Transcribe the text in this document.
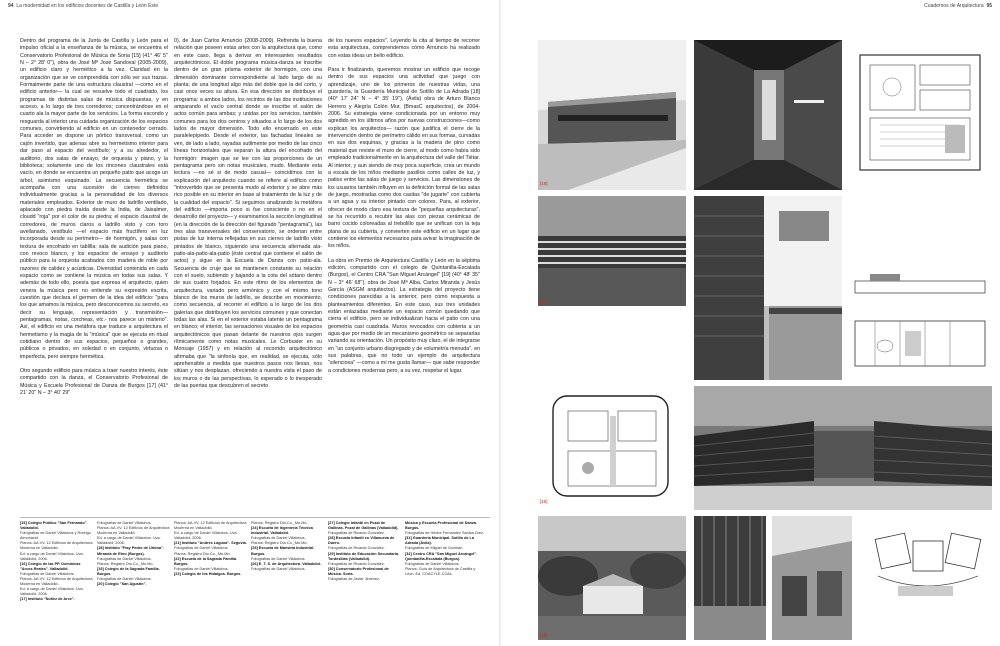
94 La modernidad en los edificios docentes de Castilla y León Este

Dentro del programa de la Junta de Castilla y León para el impulso oficial a la enseñanza de la música, se encuentra el Conservatorio Profesional de Música de Soria [15] (41° 46' 5'' N – 2° 28' 0''), obra de José Mª José Sandoval (2005-2009), un edificio claro y hermético a la vez. Claridad en la organización que se ve comprendida con sólo ver sus trazas. Formalmente parte de una estructura claustral —como en el edificio anterior— la cual se resuelve todo el cuadrado, los programas de distintas salas de música dispuestas, y en acceso, a lo largo de tres corredores; concentrándose en el cuarto ala la mayor parte de los servicios. La forma escondo y resguarda al interior una cuidada organización de los espacios comunes, convirtiendo al edificio en un contenedor cerrado. Para acceder se dispone un pórtico transversal, como un cajón invertido, que adenas abre su hermetismo interior para dar paso al espacio del vestíbulo; y a su alrededor, el auditorio, dos salas de ensayo, de orquesta y piano, y la biblioteca; solamente uno de los rincones claustrales está vacío, en donde se encuentra un pequeño patio que acoge un árbol, asimismo esquinado. La secuencia hermética se acompaña con una sucesión de cierres definidos individualmente gracias a la personalidad de los diversos materiales empleados. Exterior de muro de ladrillo ventilado, aplacado con piedra traída desde la India, de Jaisalmer, cloudd "roja" por el color de su piedra; el espacio claustral de corredores, de muros claros a ladrillo visto y con toro avellanado, vestíbulo —el espacio más fructífero en luz incorporada desde su perímetro— de hormigón, y salas con textura de encofrado en tablilla; sala de audición para piano, con revoco blanco, y los espacios de ensayo y auditorio público para la orquesta acabados con madera de roble por razones de calidez y acústicas. Diversidad contenida en cada espacio como se contiene la música en todas sus salas. Y además de todo ello, poesía que expresa el arquitecto, quien venera la música pero no entiende su expresión escrita, cuestión que declara el germen de la idea del edificio: "para los que amamos la música, pero desconocemos su secreto, es decir su lenguaje, representación y transmisión—pentagramas, notas, corcheas, etc.- nos parece un misterio". Así, el edificio es una metáfora que traduce a arquitectura el hermetismo y la magia de la "música" que se ejecuta en ritual cotidiano dentro de sus espacios, pequeños o grandes, públicos o privados, en soledad o en conjunto, virtuosa o imperfecta, pero siempre hermética.

Otro segundo edificio para música a traer nuestro interés, éste compartido con la danza, el Conservatorio Profesional de Música y Escuela Profesional de Danza de Burgos [17] (41° 21' 20'' N – 3° 40' 29''

0), de Juan Carlos Arnuncio (2008-2009). Refrenda la buena relación que poseen estas artes con la arquitectura que, como en este caso, llega a derivar en interesantes resultados arquitectónicos. El doble programa música-danza se inscribe dentro de un gran prisma exterior de hormigón, con una dimensión dominante correspondiente al lado largo de su planta; de una longitud algo más del doble que la del corto, y casi once veces su altura. En esa dirección se distribuye el programa: a ambos lados, los recintos de las dos instituciones amparando el vacío central donde se inscribe el salón de actos común para ambas; y unidas por los servicios, también comunes para los dos centros y situados a lo largo de los dos lados de mayor dimensión. Todo ello encerrado en este paralelepípedo. Desde el exterior, las fachadas lineales se ven, de lado a lado, rayadas sutilmente por medio de las cinco líneas horizontales que separan la altura del encofrado del hormigón: imagen que se lee con las proporciones de un pentagrama pero sin notas musicales, mudo. Mediante esta lectura —no sé si de modo casual— coincidimos con la explicación del arquitecto cuando se refiere al edificio como "introvertido que se presenta mudo al exterior y se abre más rico posible en su interior en base al tratamiento de la luz y de la cualidad del espacio". Si seguimos analizando la metáfora del edificio —importa poco si fue consciente o no en el desarrollo del proyecto— y examinamos la sección longitudinal (en la dirección de la dirección del figurado "pentagrama"), las tres alas transversales del conservatorio, se ordenan entre pistas de luz interna reflejadas en sus cierres de ladrillo visto pintados de blanco, siguiendo una secuencia alternada ala-patio-ala-patio-ala-patio (éste central que contiene el salón de actos) y sigue en la Escuela de Danza con patio-ala. Secuencia de cruje que se mantienen constante su relación con el suelo, subiendo y bajando a la cota del sótano dentro de sus cuatro forjados. En este ritmo de los elementos de arquitectura, variado pero armónico y con el mismo tono blanco de los muros de ladrillo, se describe en movimiento, como secuencia, al recorrer el edificio a lo largo de los dos galerías que distribuyen los servicios comunes y que conectan todas las alas. Si en el exterior estaba latente un pentagrama en blanco; el interior, las sensaciones visuales de los espacios arquitectónicos que pasan delante de nuestros ojos surgen rítmicamente como notas musicales. Le Corbusier en su Monsaje (1957) y en relación al recorrido arquitectónico afirmaba que "la sinfonía que, en realidad, se ejecuta, sólo aprehensible a medida que nuestros pasos nos llevan, nos sitúan y nos desplazan, ofreciendo a nuestra vista el paso de los muros o de las perspectivas, lo esperado o lo inesperado de las puertas que descubren el secreto

de los nuevos espacios". Leyendo la cita al tiempo de recorrer esta arquitectura, comprendemos cómo Arnuncio ha realizado con estas ideas un bello edificio.

Para ir finalizando, queremos mostrar un edificio que recoge dentro de sus espacios una actividad que juego con aprendizaje, uno de los primeros de nuestras vidas, una guardería, la Guardería Municipal de Sotillo de La Adrada [18] (40° 17' 24'' N – 4° 35' 19''), (Ávila) obra de Arturo Blanco Herrero y Alegría Colón Mur, (BmasC arquitectos), de 2004-2006. Su estrategia viene condicionada por un entorno muy agredido en los últimos años por nuevas construcciones—como explican los arquitectos— razón que justifica el cierre de la intervención dentro de perímetro cálido en sus formas, curvadas en sus dos esquinas, y gracias a la madera de pino como material que reviste el muro de cierre, al modo como había sido empleado tradicionalmente en la arquitectura del valle del Tiétar. Al interior, y aun siendo de muy poca superficie, crea un mundo a escala de los niños mediante pasillos como calles de luz, y patios entre las salas de juego y servicios. Las dimensiones de los usuarios también influyen en la definición formal de las salas de juego, mostradas como dos casitas "de jugarte" con cubierta a un agua y su interior pintado con colores. Para, al exterior, ofrecer de modo claro esa textura de "pequeñas arquitecturas", se ha recurrido a recubrir las alas con piezas cerámicas de barro cocido coloreadas al trebolillo que se unifican con la teja plana de su cubierta, y convierten este edificio en un lugar que contiene los elementos necesarios para avivar la imaginación de los niños.

La obra en Premio de Arquitectura Castilla y León en la séptima edición, compartido con el colegio de Quintanilla-Escalada (Burgos), el Centro CRA "San Miguel Arcángel" [19] (40° 48' 35'' N – 3° 46' 68''), obra de José Mª Alba, Carlos Miranda y Jesús García (ASGM arquitectos). La estrategia del proyecto tiene condiciones parecidas a la anterior, pero como respuesta a planteamientos diferentes. En este caso, sus tres unidades están enlazadas mediante un espacio común quedando que cierra el edificio, pero se individualizan hacia el patio con una geometría casi cuadrada. Muros revocados con cubierta a un agua que por medio de un mecanismo geométrico se separarlas variando su orientación. Un propósito muy claro, el de integrarse en "un conjunto urbano disgregado y de volumetría menuda", en sus palabras, que no todo un ejemplo de arquitectura "silenciosa" —como a mí me gusta llamar— que sabe responder a condiciones modernas pero, a su vez, respetar el lugar.

[15] Colegio Público "San Fernando". Valladolid.
Fotografías de Daniel Villalobos y Rodrigo Almonacid.
Planos: AA.VV. 12 Edificios de Arquitectura Moderna en Valladolid.
Ed. a cargo de Daniel Villalobos. Uva. Valladolid, 2006.
[16] Colegio de las PP. Dominicas "Arcos Reales". Valladolid.
Fotografías de Daniel Villalobos.
Planos: AA.VV. 12 Edificios de Arquitectura Moderna en Valladolid.
Ed. a cargo de Daniel Villalobos. Uva. Valladolid, 2006.
[17] Instituto "Núñez de Arce".
Fotografías de Daniel Villalobos.
Planos: AA.VV. 12 Edificios de Arquitectura Moderna en Valladolid.
Ed. a cargo de Daniel Villalobos. Uva. Valladolid, 2006.
[18] Instituto "Fray Pedro de Urbina". Miranda de Ebro (Burgos).
Fotografías de Daniel Villalobos.
Planos: Registro Dto.Co._Mo.Mo.
[19] Colegio de la Sagrada Familia. Burgos.
Fotografías de Daniel Villalobos.
[20] Colegio "San Agustín".
Planos: AA.VV. 12 Edificios de Arquitectura Moderna en Valladolid.
Ed. a cargo de Daniel Villalobos. Uva. Valladolid, 2006.
[21] Instituto "Andrés Laguna". Segovia.
Fotografías de Daniel Villalobos.
Planos: Registro Dto.Co._Mo.Mo.
[22] Escuela de la Sagrada Familia. Burgos.
Fotografías de Daniel Villalobos.
[23] Colegio de los Hidalgos. Burgos.
Planos: Registro Dto.Co._Mo.Mo.
[24] Escuela de Ingeniería Técnica Industrial. Valladolid.
Fotografías de Daniel Villalobos.
Planos: Registro Dto.Co._Mo.Mo.
[25] Escuela de Maestría Industrial. Burgos.
Fotografías de Daniel Villalobos.
[26] E. T. S. de Arquitectura. Valladolid.
Fotografías de Daniel Villalobos.
[27] Colegio Infantil en Pozal de Gallinas. Pozal de Gallinas (Valladolid).
Fotografías de Ricardo González.
[28] Escuela Infantil en Villanueva de Duero.
Fotografías de Ricardo González.
[29] Instituto de Educación Secundaria. Tordesillas (Valladolid).
Fotografías de Ricardo González.
[30] Conservatorio Profesional de Música. Soria.
Fotografías de Javier Jiménez.
Música y Escuela Profesional de Danza. Burgos.
Fotografías de Héctor Fernández Santos-Díez.
[31] Guardería Municipal. Sotillo de La Adrada (Ávila).
Fotografías de Miguel de Guzmán.
[32] Centro CRA "San Miguel Arcángel". Quintanilla-Escalada (Burgos).
Fotografías de Daniel Villalobos.
Planos: Guía de Arquitectura de Castilla y León. Ed. COACYLE-COAL.
Cuadernos de Arquitectura 95
[18]
[17]
[16]
[19]
